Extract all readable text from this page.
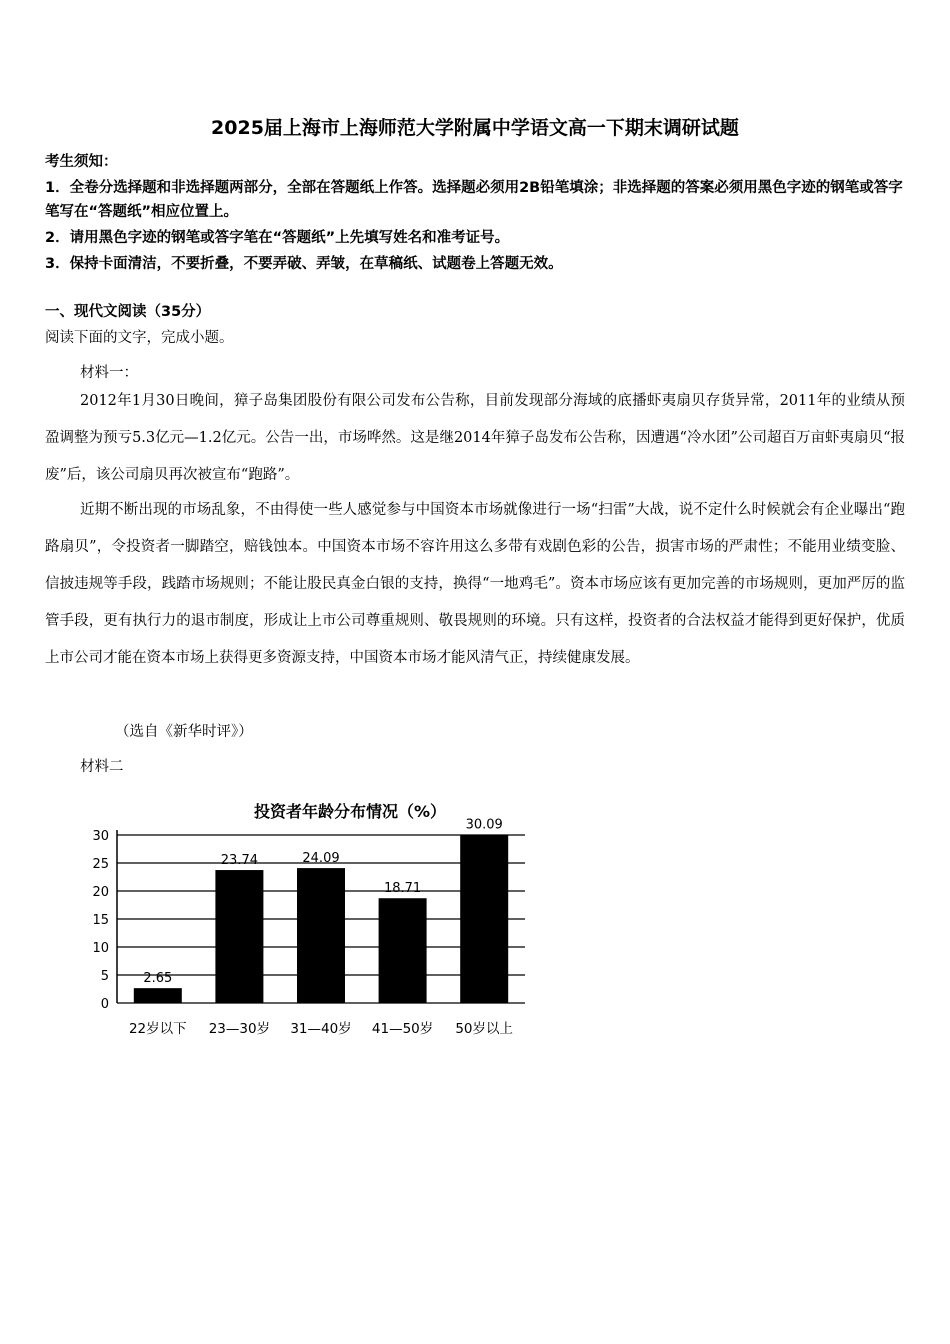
2025届上海市上海师范大学附属中学语文高一下期末调研试题
考生须知：
1．全卷分选择题和非选择题两部分，全部在答题纸上作答。选择题必须用2B铅笔填涂；非选择题的答案必须用黑色字迹的钢笔或答字笔写在“答题纸”相应位置上。
2．请用黑色字迹的钢笔或答字笔在“答题纸”上先填写姓名和准考证号。
3．保持卡面清洁，不要折叠，不要弄破、弄皱，在草稿纸、试题卷上答题无效。
一、现代文阅读（35分）
阅读下面的文字，完成小题。
材料一：
2012年1月30日晚间，獐子岛集团股份有限公司发布公告称，目前发现部分海域的底播虾夷扇贝存货异常，2011年的业绩从预盈调整为预亏5.3亿元—1.2亿元。公告一出，市场哗然。这是继2014年獐子岛发布公告称，因遭遇“冷水团”公司超百万亩虾夷扇贝“报废”后，该公司扇贝再次被宣布“跑路”。
近期不断出现的市场乱象，不由得使一些人感觉参与中国资本市场就像进行一场“扫雷”大战，说不定什么时候就会有企业曝出“跑路扇贝”，令投资者一脚踏空，赔钱蚀本。中国资本市场不容许用这么多带有戏剧色彩的公告，损害市场的严肃性；不能用业绩变脸、信披违规等手段，践踏市场规则；不能让股民真金白银的支持，换得“一地鸡毛”。资本市场应该有更加完善的市场规则，更加严厉的监管手段，更有执行力的退市制度，形成让上市公司尊重规则、敬畏规则的环境。只有这样，投资者的合法权益才能得到更好保护，优质上市公司才能在资本市场上获得更多资源支持，中国资本市场才能风清气正，持续健康发展。
（选自《新华时评》）
材料二
投资者年龄分布情况（%）
0
5
10
15
20
25
30
2.65
22岁以下
23.74
23—30岁
24.09
31—40岁
18.71
41—50岁
30.09
50岁以上
